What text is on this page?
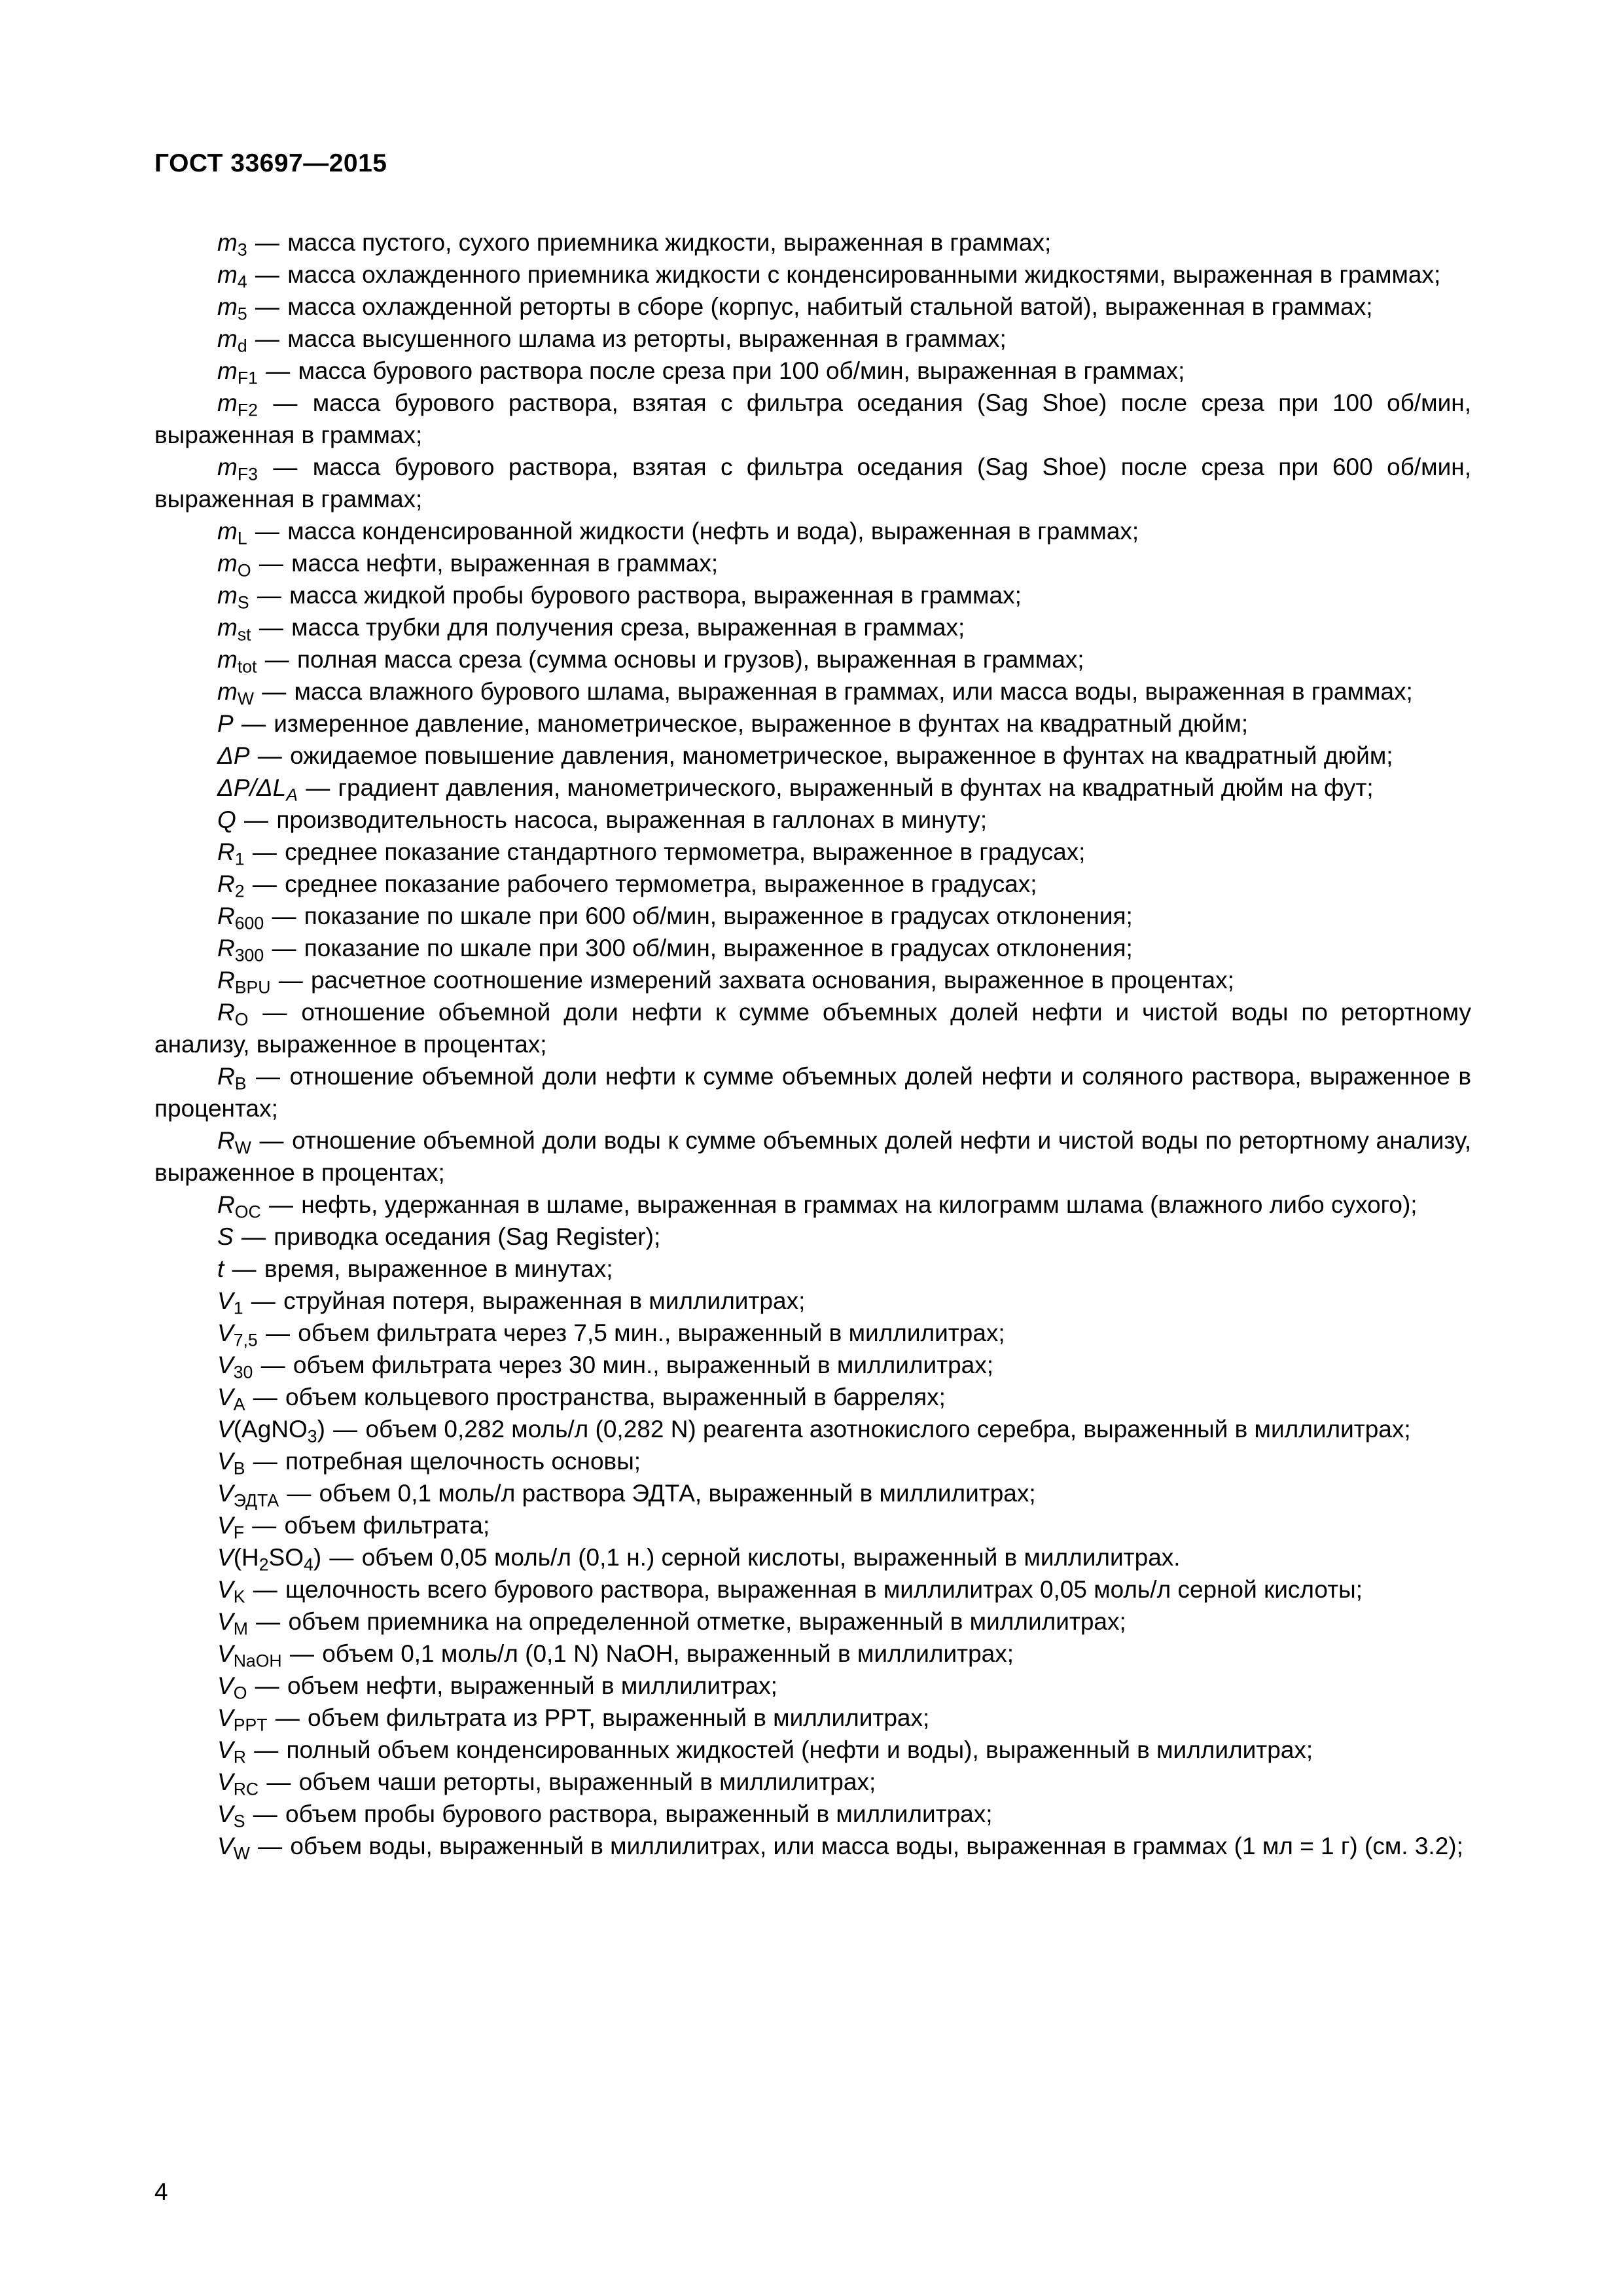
ГОСТ 33697—2015

$m_3$ — масса пустого, сухого приемника жидкости, выраженная в граммах;

$m_4$ — масса охлажденного приемника жидкости с конденсированными жидкостями, выраженная в граммах;

$m_5$ — масса охлажденной реторты в сборе (корпус, набитый стальной ватой), выраженная в граммах;

$m_d$ — масса высушенного шлама из реторты, выраженная в граммах;

$m_{F1}$ — масса бурового раствора после среза при 100 об/мин, выраженная в граммах;

$m_{F2}$ — масса бурового раствора, взятая с фильтра оседания (Sag Shoe) после среза при 100 об/мин, выраженная в граммах;

$m_{F3}$ — масса бурового раствора, взятая с фильтра оседания (Sag Shoe) после среза при 600 об/мин, выраженная в граммах;

$m_L$ — масса конденсированной жидкости (нефть и вода), выраженная в граммах;

$m_O$ — масса нефти, выраженная в граммах;

$m_S$ — масса жидкой пробы бурового раствора, выраженная в граммах;

$m_{st}$ — масса трубки для получения среза, выраженная в граммах;

$m_{tot}$ — полная масса среза (сумма основы и грузов), выраженная в граммах;

$m_W$ — масса влажного бурового шлама, выраженная в граммах, или масса воды, выраженная в граммах;

P — измеренное давление, манометрическое, выраженное в фунтах на квадратный дюйм;

ΔP — ожидаемое повышение давления, манометрическое, выраженное в фунтах на квадратный дюйм;

$\Delta P/\Delta L_A$ — градиент давления, манометрического, выраженный в фунтах на квадратный дюйм на фут;

Q — производительность насоса, выраженная в галлонах в минуту;

$R_1$ — среднее показание стандартного термометра, выраженное в градусах;

$R_2$ — среднее показание рабочего термометра, выраженное в градусах;

$R_{600}$ — показание по шкале при 600 об/мин, выраженное в градусах отклонения;

$R_{300}$ — показание по шкале при 300 об/мин, выраженное в градусах отклонения;

$R_{BPU}$ — расчетное соотношение измерений захвата основания, выраженное в процентах;

$R_O$ — отношение объемной доли нефти к сумме объемных долей нефти и чистой воды по ретортному анализу, выраженное в процентах;

$R_B$ — отношение объемной доли нефти к сумме объемных долей нефти и соляного раствора, выраженное в процентах;

$R_W$ — отношение объемной доли воды к сумме объемных долей нефти и чистой воды по ретортному анализу, выраженное в процентах;

$R_{OC}$ — нефть, удержанная в шламе, выраженная в граммах на килограмм шлама (влажного либо сухого);

S — приводка оседания (Sag Register);

t — время, выраженное в минутах;

$V_1$ — струйная потеря, выраженная в миллилитрах;

$V_{7,5}$ — объем фильтрата через 7,5 мин., выраженный в миллилитрах;

$V_{30}$ — объем фильтрата через 30 мин., выраженный в миллилитрах;

$V_A$ — объем кольцевого пространства, выраженный в баррелях;

V(AgNO$_3$) — объем 0,282 моль/л (0,282 N) реагента азотнокислого серебра, выраженный в миллилитрах;

$V_B$ — потребная щелочность основы;

$V_{ЭДТА}$ — объем 0,1 моль/л раствора ЭДТА, выраженный в миллилитрах;

$V_F$ — объем фильтрата;

$V(H_2SO_4)$ — объем 0,05 моль/л (0,1 н.) серной кислоты, выраженный в миллилитрах.

$V_K$ — щелочность всего бурового раствора, выраженная в миллилитрах 0,05 моль/л серной кислоты;

$V_M$ — объем приемника на определенной отметке, выраженный в миллилитрах;

$V_{NaOH}$ — объем 0,1 моль/л (0,1 N) NaOH, выраженный в миллилитрах;

$V_O$ — объем нефти, выраженный в миллилитрах;

$V_{PPT}$ — объем фильтрата из PPT, выраженный в миллилитрах;

$V_R$ — полный объем конденсированных жидкостей (нефти и воды), выраженный в миллилитрах;

$V_{RC}$ — объем чаши реторты, выраженный в миллилитрах;

$V_S$ — объем пробы бурового раствора, выраженный в миллилитрах;

$V_W$ — объем воды, выраженный в миллилитрах, или масса воды, выраженная в граммах (1 мл = 1 г) (см. 3.2);

4
